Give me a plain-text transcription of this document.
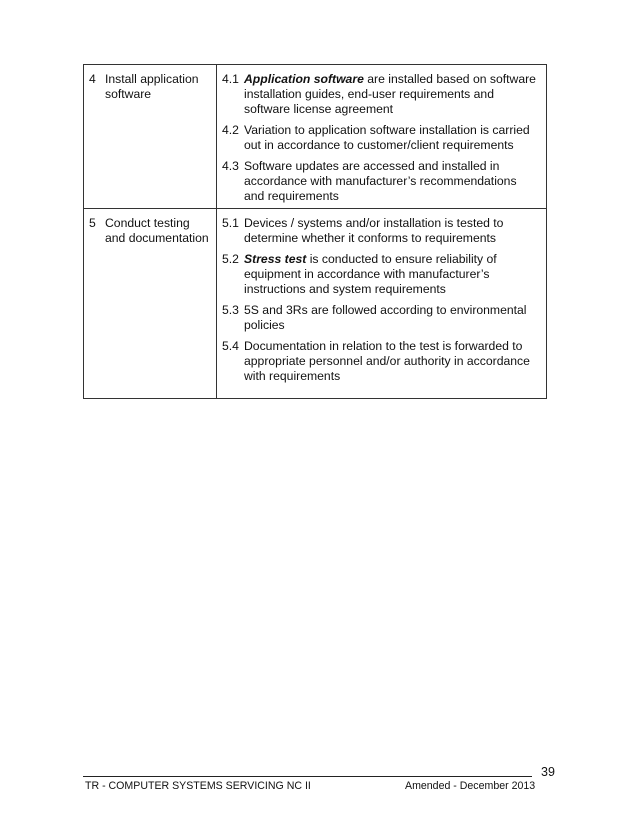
4 Install application software
4.1 Application software are installed based on software installation guides, end-user requirements and software license agreement
4.2 Variation to application software installation is carried out in accordance to customer/client requirements
4.3 Software updates are accessed and installed in accordance with manufacturer’s recommendations and requirements
5 Conduct testing and documentation
5.1 Devices / systems and/or installation is tested to determine whether it conforms to requirements
5.2 Stress test is conducted to ensure reliability of equipment in accordance with manufacturer’s instructions and system requirements
5.3 5S and 3Rs are followed according to environmental policies
5.4 Documentation in relation to the test is forwarded to appropriate personnel and/or authority in accordance with requirements
39
TR - COMPUTER SYSTEMS SERVICING NC II	Amended - December 2013
